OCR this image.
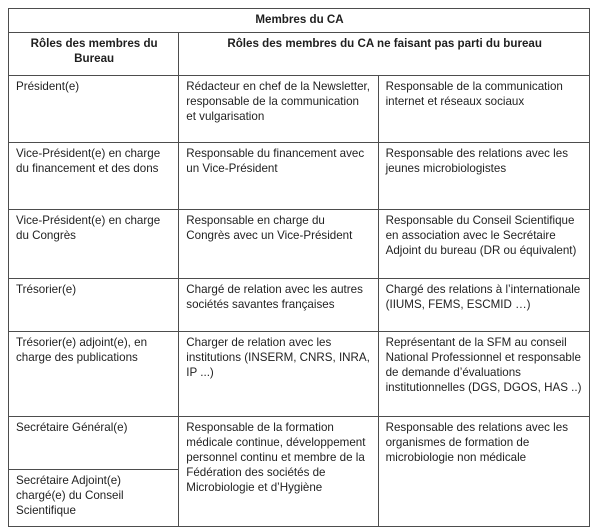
Membres du CA		
Rôles des membres du Bureau	Rôles des membres du CA ne faisant pas parti du bureau	
Président(e)	Rédacteur en chef de la Newsletter, responsable de la communication et vulgarisation	Responsable de la communication internet et réseaux sociaux
Vice-Président(e) en charge du financement et des dons	Responsable du financement avec un Vice-Président	Responsable des relations avec les jeunes microbiologistes
Vice-Président(e) en charge du Congrès	Responsable en charge du Congrès avec un Vice-Président	Responsable du Conseil Scientifique en association avec le Secrétaire Adjoint du bureau (DR ou équivalent)
Trésorier(e)	Chargé de relation avec les autres sociétés savantes françaises	Chargé des relations à l’internationale (IIUMS, FEMS, ESCMID …)
Trésorier(e) adjoint(e), en charge des publications	Charger de relation avec les institutions (INSERM, CNRS, INRA, IP ...)	Représentant de la SFM au conseil National Professionnel et responsable de demande d’évaluations institutionnelles (DGS, DGOS, HAS ..)
Secrétaire Général(e)	Responsable de la formation médicale continue, développement personnel continu et membre de la Fédération des sociétés de Microbiologie et d’Hygiène	Responsable des relations avec les organismes de formation de microbiologie non médicale
Secrétaire Adjoint(e) chargé(e) du Conseil Scientifique		
